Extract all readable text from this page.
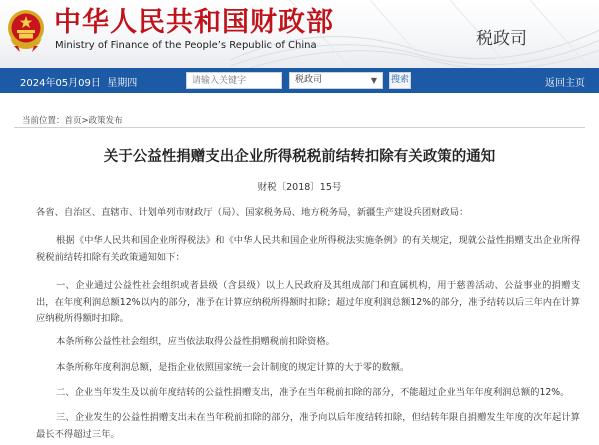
中华人民共和国财政部
Ministry of Finance of the People’s Republic of China	税政司
2024年05月09日 星期四
请输入关键字	税政司	▼ 搜索	返回主页
当前位置：首页>政策发布
关于公益性捐赠支出企业所得税税前结转扣除有关政策的通知
财税〔2018〕15号

各省、自治区、直辖市、计划单列市财政厅（局）、国家税务局、地方税务局，新疆生产建设兵团财政局：

根据《中华人民共和国企业所得税法》和《中华人民共和国企业所得税法实施条例》的有关规定，现就公益性捐赠支出企业所得税税前结转扣除有关政策通知如下：

一、企业通过公益性社会组织或者县级（含县级）以上人民政府及其组成部门和直属机构，用于慈善活动、公益事业的捐赠支出，在年度利润总额12%以内的部分，准予在计算应纳税所得额时扣除；超过年度利润总额12%的部分，准予结转以后三年内在计算应纳税所得额时扣除。

本条所称公益性社会组织，应当依法取得公益性捐赠税前扣除资格。

本条所称年度利润总额，是指企业依照国家统一会计制度的规定计算的大于零的数额。

二、企业当年发生及以前年度结转的公益性捐赠支出，准予在当年税前扣除的部分，不能超过企业当年年度利润总额的12%。

三、企业发生的公益性捐赠支出未在当年税前扣除的部分，准予向以后年度结转扣除，但结转年限自捐赠发生年度的次年起计算最长不得超过三年。
